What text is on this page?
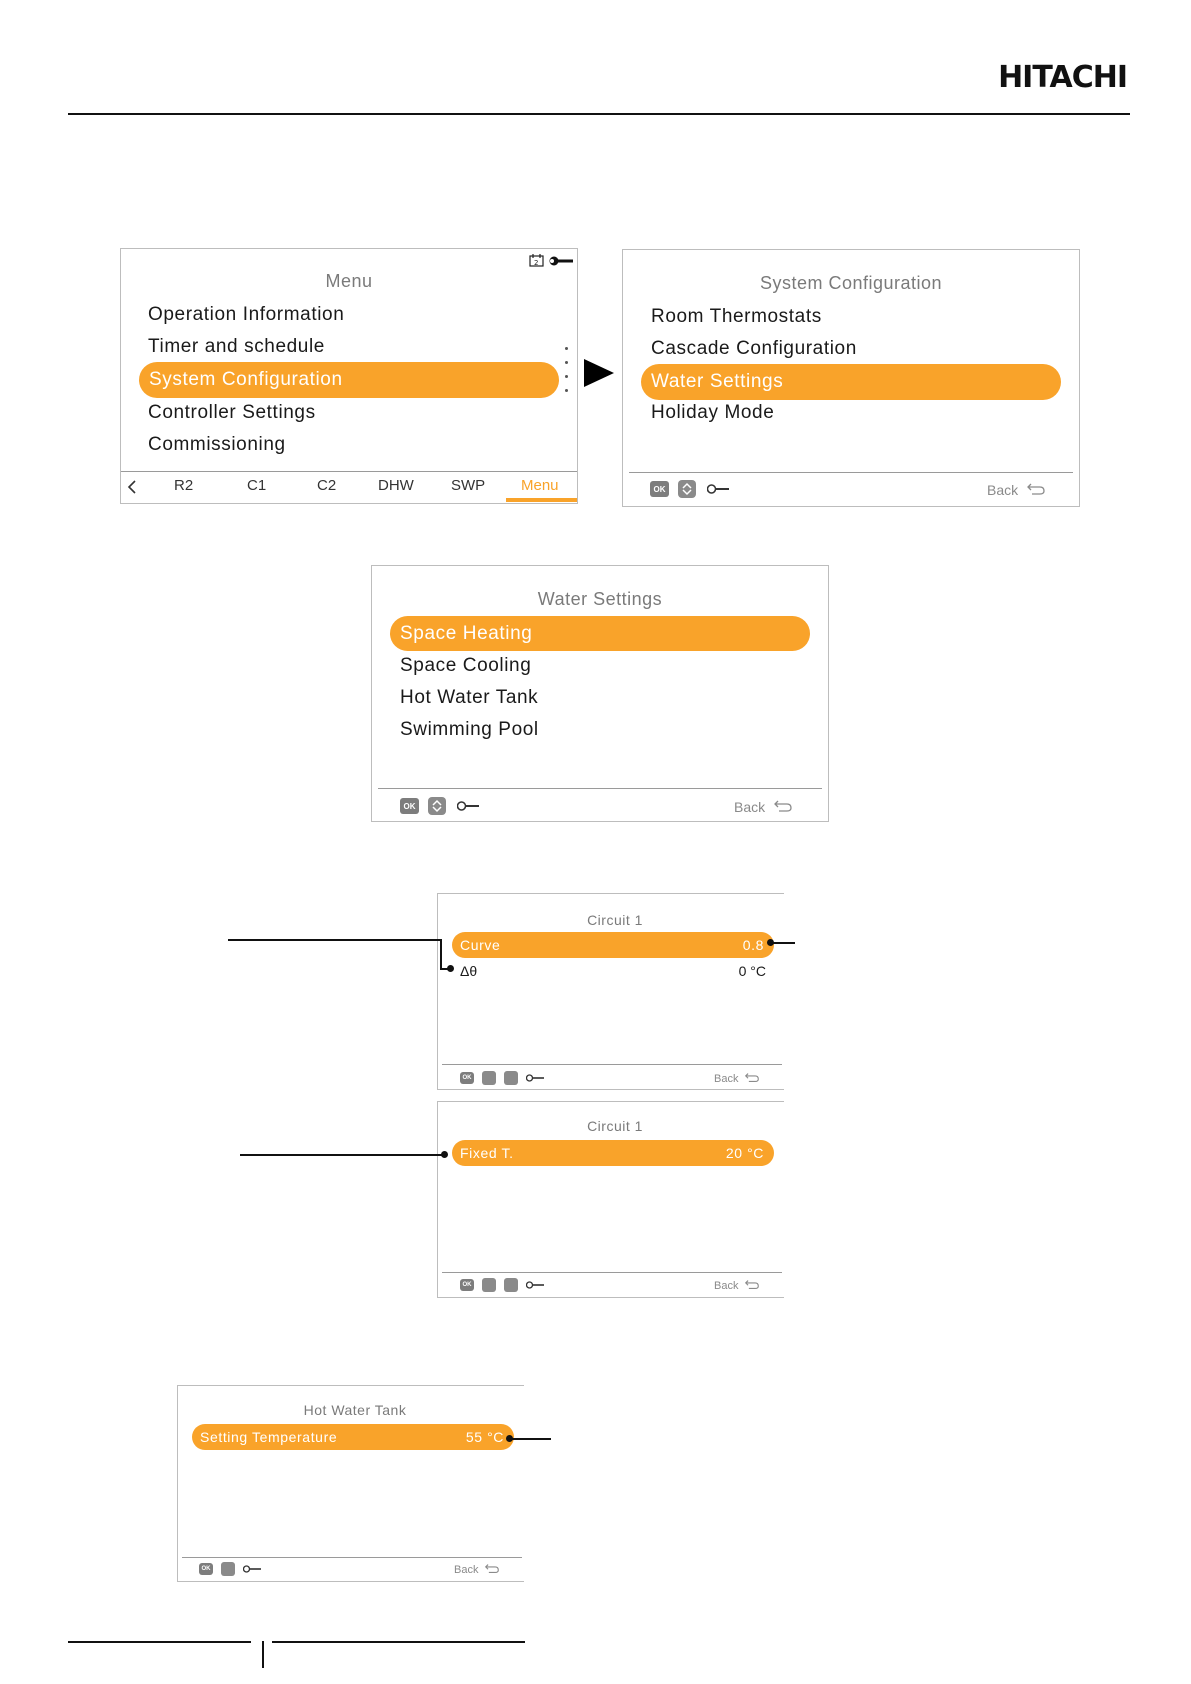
HITACHI
2
Menu
Operation Information
Timer and schedule
System Configuration
Controller Settings
Commissioning
R2	C1	C2	DHW SWP Menu
System Configuration
Room Thermostats
Cascade Configuration
Water Settings
Holiday Mode
OK	Back
Water Settings
Space Heating
Space Cooling
Hot Water Tank
Swimming Pool
OK	Back
Circuit 1
Curve	0.8
Δθ	0 °C
OK	Back
Circuit 1
Fixed T.	20 °C
OK	Back
Hot Water Tank
Setting Temperature	55 °C
OK	Back
